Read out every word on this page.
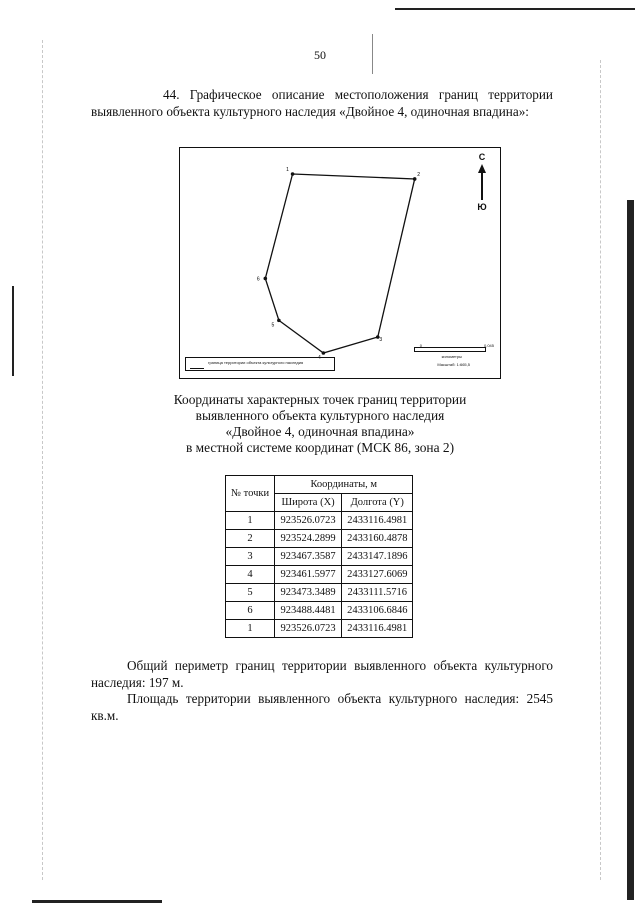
50

44. Графическое описание местоположения границ территории выявленного объекта культурного наследия «Двойное 4, одиночная впадина»:

1
2
3
4
5
6
С
Ю
0	0,045
километры
Масштаб: 1:665,5
граница территории объекта культурного наследия
Координаты характерных точек границ территории
выявленного объекта культурного наследия
«Двойное 4, одиночная впадина»
в местной системе координат (МСК 86, зона 2)
№ точки	Координаты, м	
	Широта (X)	Долгота (Y)
1	923526.0723	2433116.4981
2	923524.2899	2433160.4878
3	923467.3587	2433147.1896
4	923461.5977	2433127.6069
5	923473.3489	2433111.5716
6	923488.4481	2433106.6846
1	923526.0723	2433116.4981

Общий периметр границ территории выявленного объекта культурного наследия: 197 м.

Площадь территории выявленного объекта культурного наследия: 2545 кв.м.
